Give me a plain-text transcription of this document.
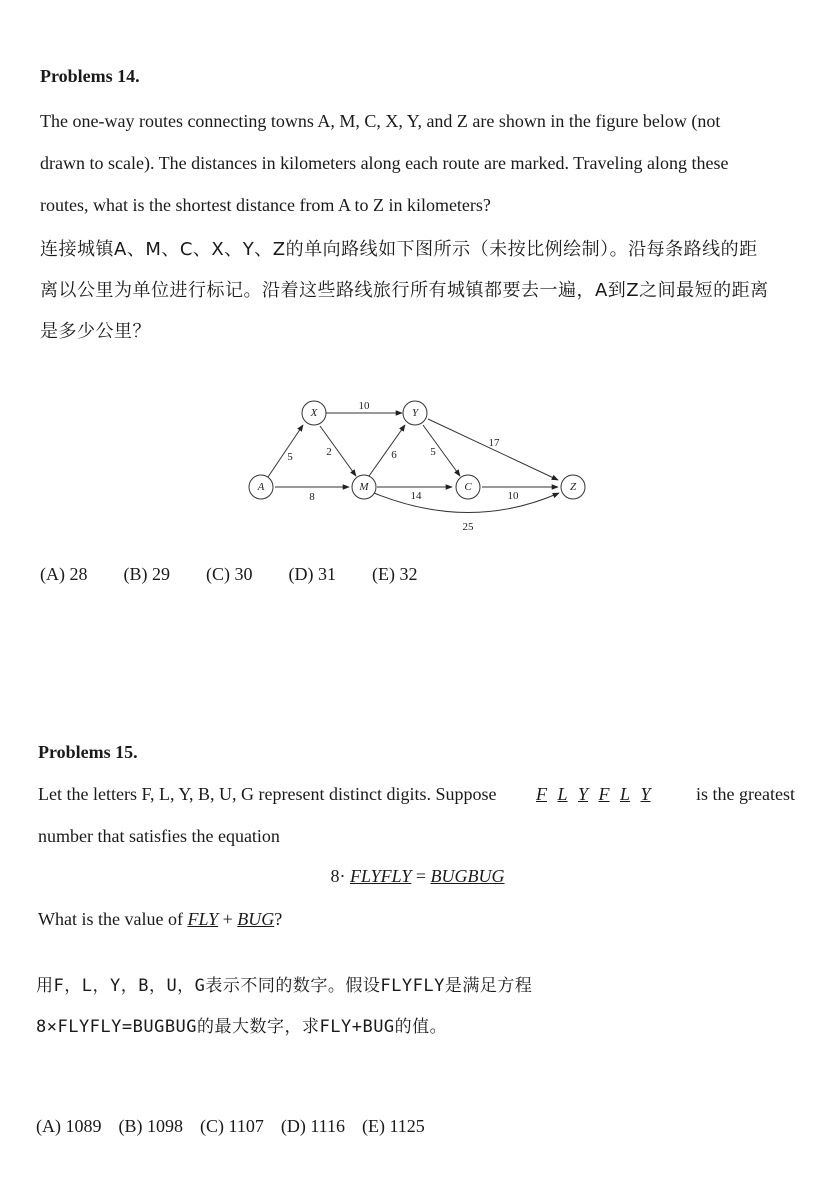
Problems 14.
The one-way routes connecting towns A, M, C, X, Y, and Z are shown in the figure below (not
drawn to scale). The distances in kilometers along each route are marked. Traveling along these
routes, what is the shortest distance from A to Z in kilometers?
连接城镇A、M、C、X、Y、Z的单向路线如下图所示（未按比例绘制）。沿每条路线的距
离以公里为单位进行标记。沿着这些路线旅行所有城镇都要去一遍，A到Z之间最短的距离
是多少公里？
5
8
10
2	6	5
17
14	10
25
A
X
M
Y
C	Z
(A) 28 (B) 29 (C) 30 (D) 31 (E) 32
Problems 15.
Let the letters F, L, Y, B, U, G represent distinct digits. Suppose F L Y F L Y	is the greatest
number that satisfies the equation
8· FLYFLY = BUGBUG
What is the value of FLY + BUG?
用F，L，Y，B，U，G表示不同的数字。假设FLYFLY是满足方程
8×FLYFLY=BUGBUG的最大数字，求FLY+BUG的值。
(A) 1089 (B) 1098 (C) 1107 (D) 1116 (E) 1125
